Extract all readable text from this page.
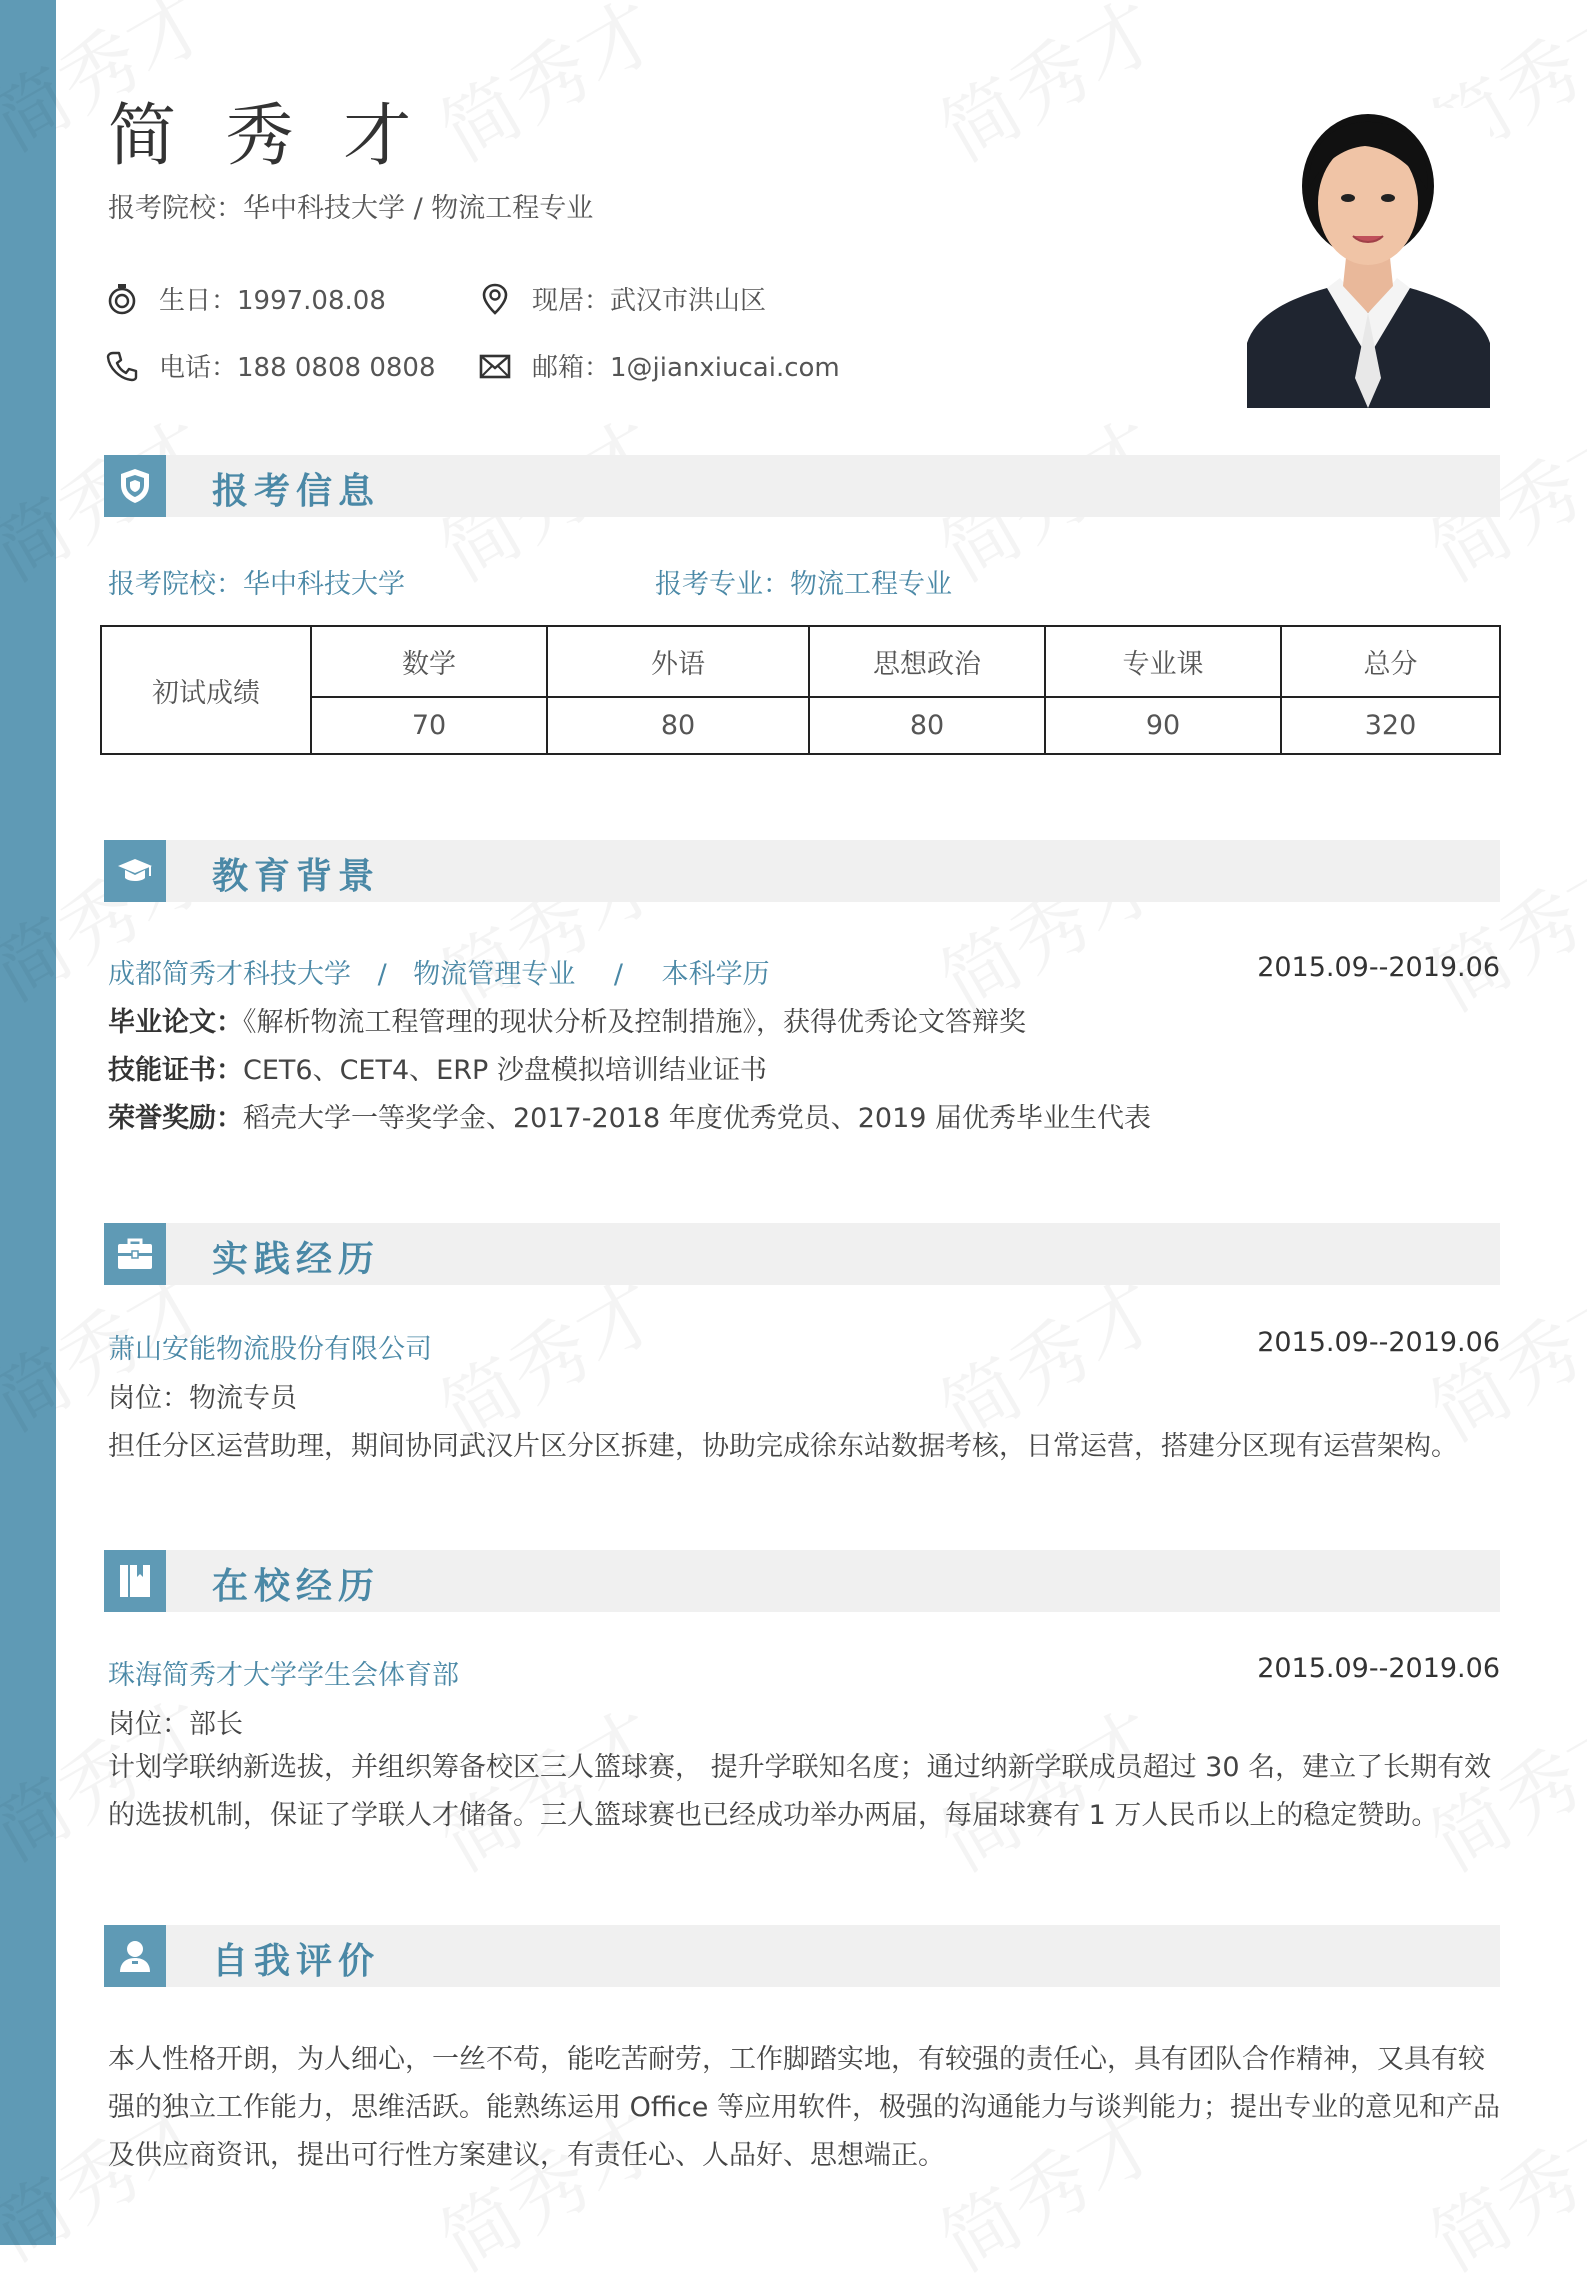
简 秀 才
报考院校：华中科技大学 / 物流工程专业
生日：1997.08.08	现居：武汉市洪山区
电话：188 0808 0808	邮箱：1@jianxiucai.com
报考信息
报考院校：华中科技大学	报考专业：物流工程专业
初试成绩	数学	外语	思想政治	专业课	总分
	70	80	80	90	320
教育背景
成都简秀才科技大学 / 物流管理专业 / 本科学历	2015.09--2019.06
毕业论文：《解析物流工程管理的现状分析及控制措施》，获得优秀论文答辩奖
技能证书：CET6、CET4、ERP 沙盘模拟培训结业证书
荣誉奖励：稻壳大学一等奖学金、2017-2018 年度优秀党员、2019 届优秀毕业生代表
实践经历
萧山安能物流股份有限公司	2015.09--2019.06
岗位：物流专员
担任分区运营助理，期间协同武汉片区分区拆建，协助完成徐东站数据考核，日常运营，搭建分区现有运营架构。
在校经历
珠海简秀才大学学生会体育部	2015.09--2019.06
岗位：部长
计划学联纳新选拔，并组织筹备校区三人篮球赛， 提升学联知名度；通过纳新学联成员超过 30 名，建立了长期有效的选拔机制，保证了学联人才储备。三人篮球赛也已经成功举办两届，每届球赛有 1 万人民币以上的稳定赞助。
自我评价
本人性格开朗，为人细心，一丝不苟，能吃苦耐劳，工作脚踏实地，有较强的责任心，具有团队合作精神，又具有较强的独立工作能力，思维活跃。能熟练运用 Office 等应用软件，极强的沟通能力与谈判能力；提出专业的意见和产品及供应商资讯，提出可行性方案建议，有责任心、人品好、思想端正。
